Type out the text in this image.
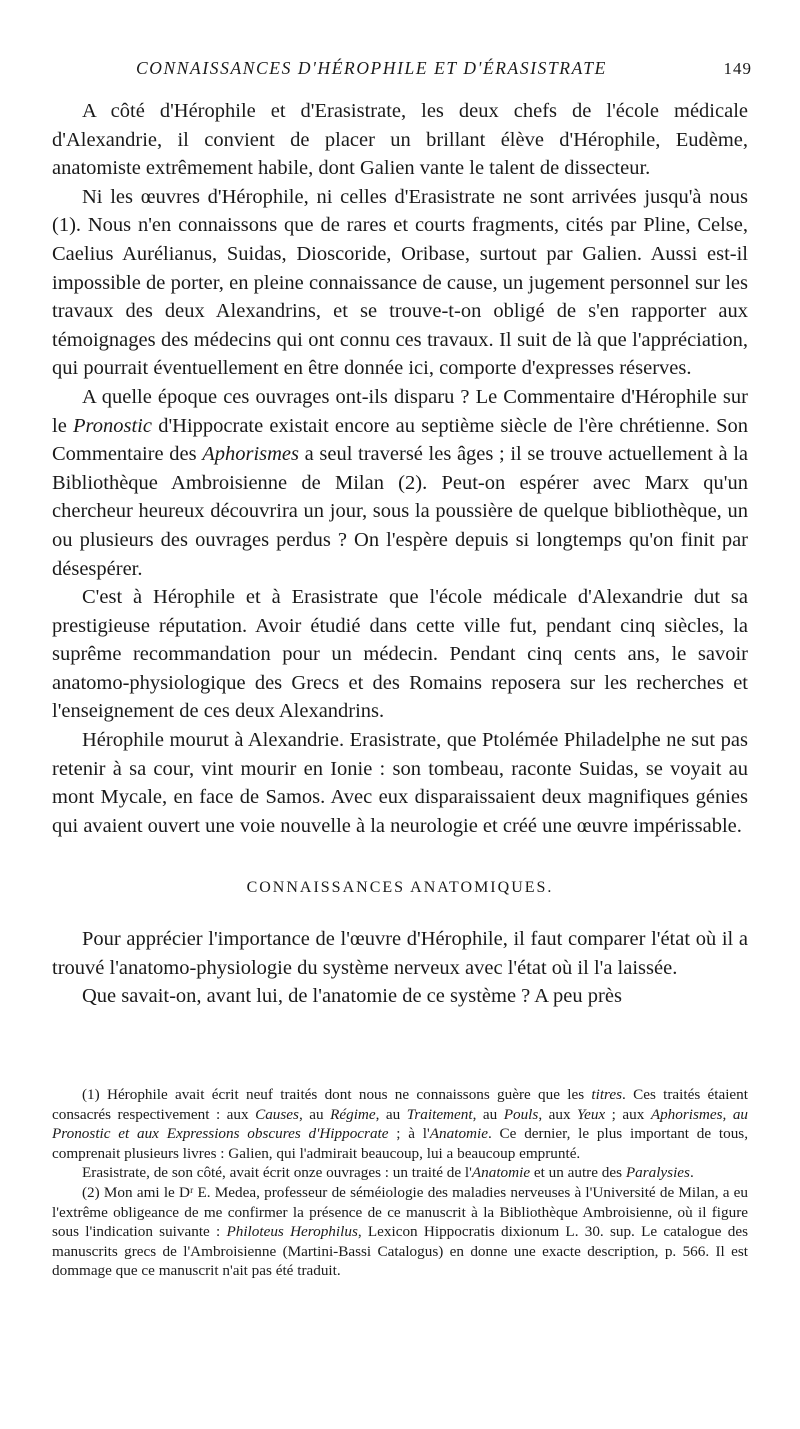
CONNAISSANCES D'HÉROPHILE ET D'ÉRASISTRATE	149

A côté d'Hérophile et d'Erasistrate, les deux chefs de l'école médicale d'Alexandrie, il convient de placer un brillant élève d'Hérophile, Eudème, anatomiste extrêmement habile, dont Galien vante le talent de dissecteur.

Ni les œuvres d'Hérophile, ni celles d'Erasistrate ne sont arrivées jusqu'à nous (1). Nous n'en connaissons que de rares et courts fragments, cités par Pline, Celse, Caelius Aurélianus, Suidas, Dioscoride, Oribase, surtout par Galien. Aussi est-il impossible de porter, en pleine connaissance de cause, un jugement personnel sur les travaux des deux Alexandrins, et se trouve-t-on obligé de s'en rapporter aux témoignages des médecins qui ont connu ces travaux. Il suit de là que l'appréciation, qui pourrait éventuellement en être donnée ici, comporte d'expresses réserves.

A quelle époque ces ouvrages ont-ils disparu ? Le Commentaire d'Hérophile sur le Pronostic d'Hippocrate existait encore au septième siècle de l'ère chrétienne. Son Commentaire des Aphorismes a seul traversé les âges ; il se trouve actuellement à la Bibliothèque Ambroisienne de Milan (2). Peut-on espérer avec Marx qu'un chercheur heureux découvrira un jour, sous la poussière de quelque bibliothèque, un ou plusieurs des ouvrages perdus ? On l'espère depuis si longtemps qu'on finit par désespérer.

C'est à Hérophile et à Erasistrate que l'école médicale d'Alexandrie dut sa prestigieuse réputation. Avoir étudié dans cette ville fut, pendant cinq siècles, la suprême recommandation pour un médecin. Pendant cinq cents ans, le savoir anatomo-physiologique des Grecs et des Romains reposera sur les recherches et l'enseignement de ces deux Alexandrins.

Hérophile mourut à Alexandrie. Erasistrate, que Ptolémée Philadelphe ne sut pas retenir à sa cour, vint mourir en Ionie : son tombeau, raconte Suidas, se voyait au mont Mycale, en face de Samos. Avec eux disparaissaient deux magnifiques génies qui avaient ouvert une voie nouvelle à la neurologie et créé une œuvre impérissable.

CONNAISSANCES ANATOMIQUES.

Pour apprécier l'importance de l'œuvre d'Hérophile, il faut comparer l'état où il a trouvé l'anatomo-physiologie du système nerveux avec l'état où il l'a laissée.

Que savait-on, avant lui, de l'anatomie de ce système ? A peu près

(1) Hérophile avait écrit neuf traités dont nous ne connaissons guère que les titres. Ces traités étaient consacrés respectivement : aux Causes, au Régime, au Traitement, au Pouls, aux Yeux ; aux Aphorismes, au Pronostic et aux Expressions obscures d'Hippocrate ; à l'Anatomie. Ce dernier, le plus important de tous, comprenait plusieurs livres : Galien, qui l'admirait beaucoup, lui a beaucoup emprunté.

Erasistrate, de son côté, avait écrit onze ouvrages : un traité de l'Anatomie et un autre des Paralysies.

(2) Mon ami le Dʳ E. Medea, professeur de séméiologie des maladies nerveuses à l'Université de Milan, a eu l'extrême obligeance de me confirmer la présence de ce manuscrit à la Bibliothèque Ambroisienne, où il figure sous l'indication suivante : Philoteus Herophilus, Lexicon Hippocratis dixionum L. 30. sup. Le catalogue des manuscrits grecs de l'Ambroisienne (Martini-Bassi Catalogus) en donne une exacte description, p. 566. Il est dommage que ce manuscrit n'ait pas été traduit.
